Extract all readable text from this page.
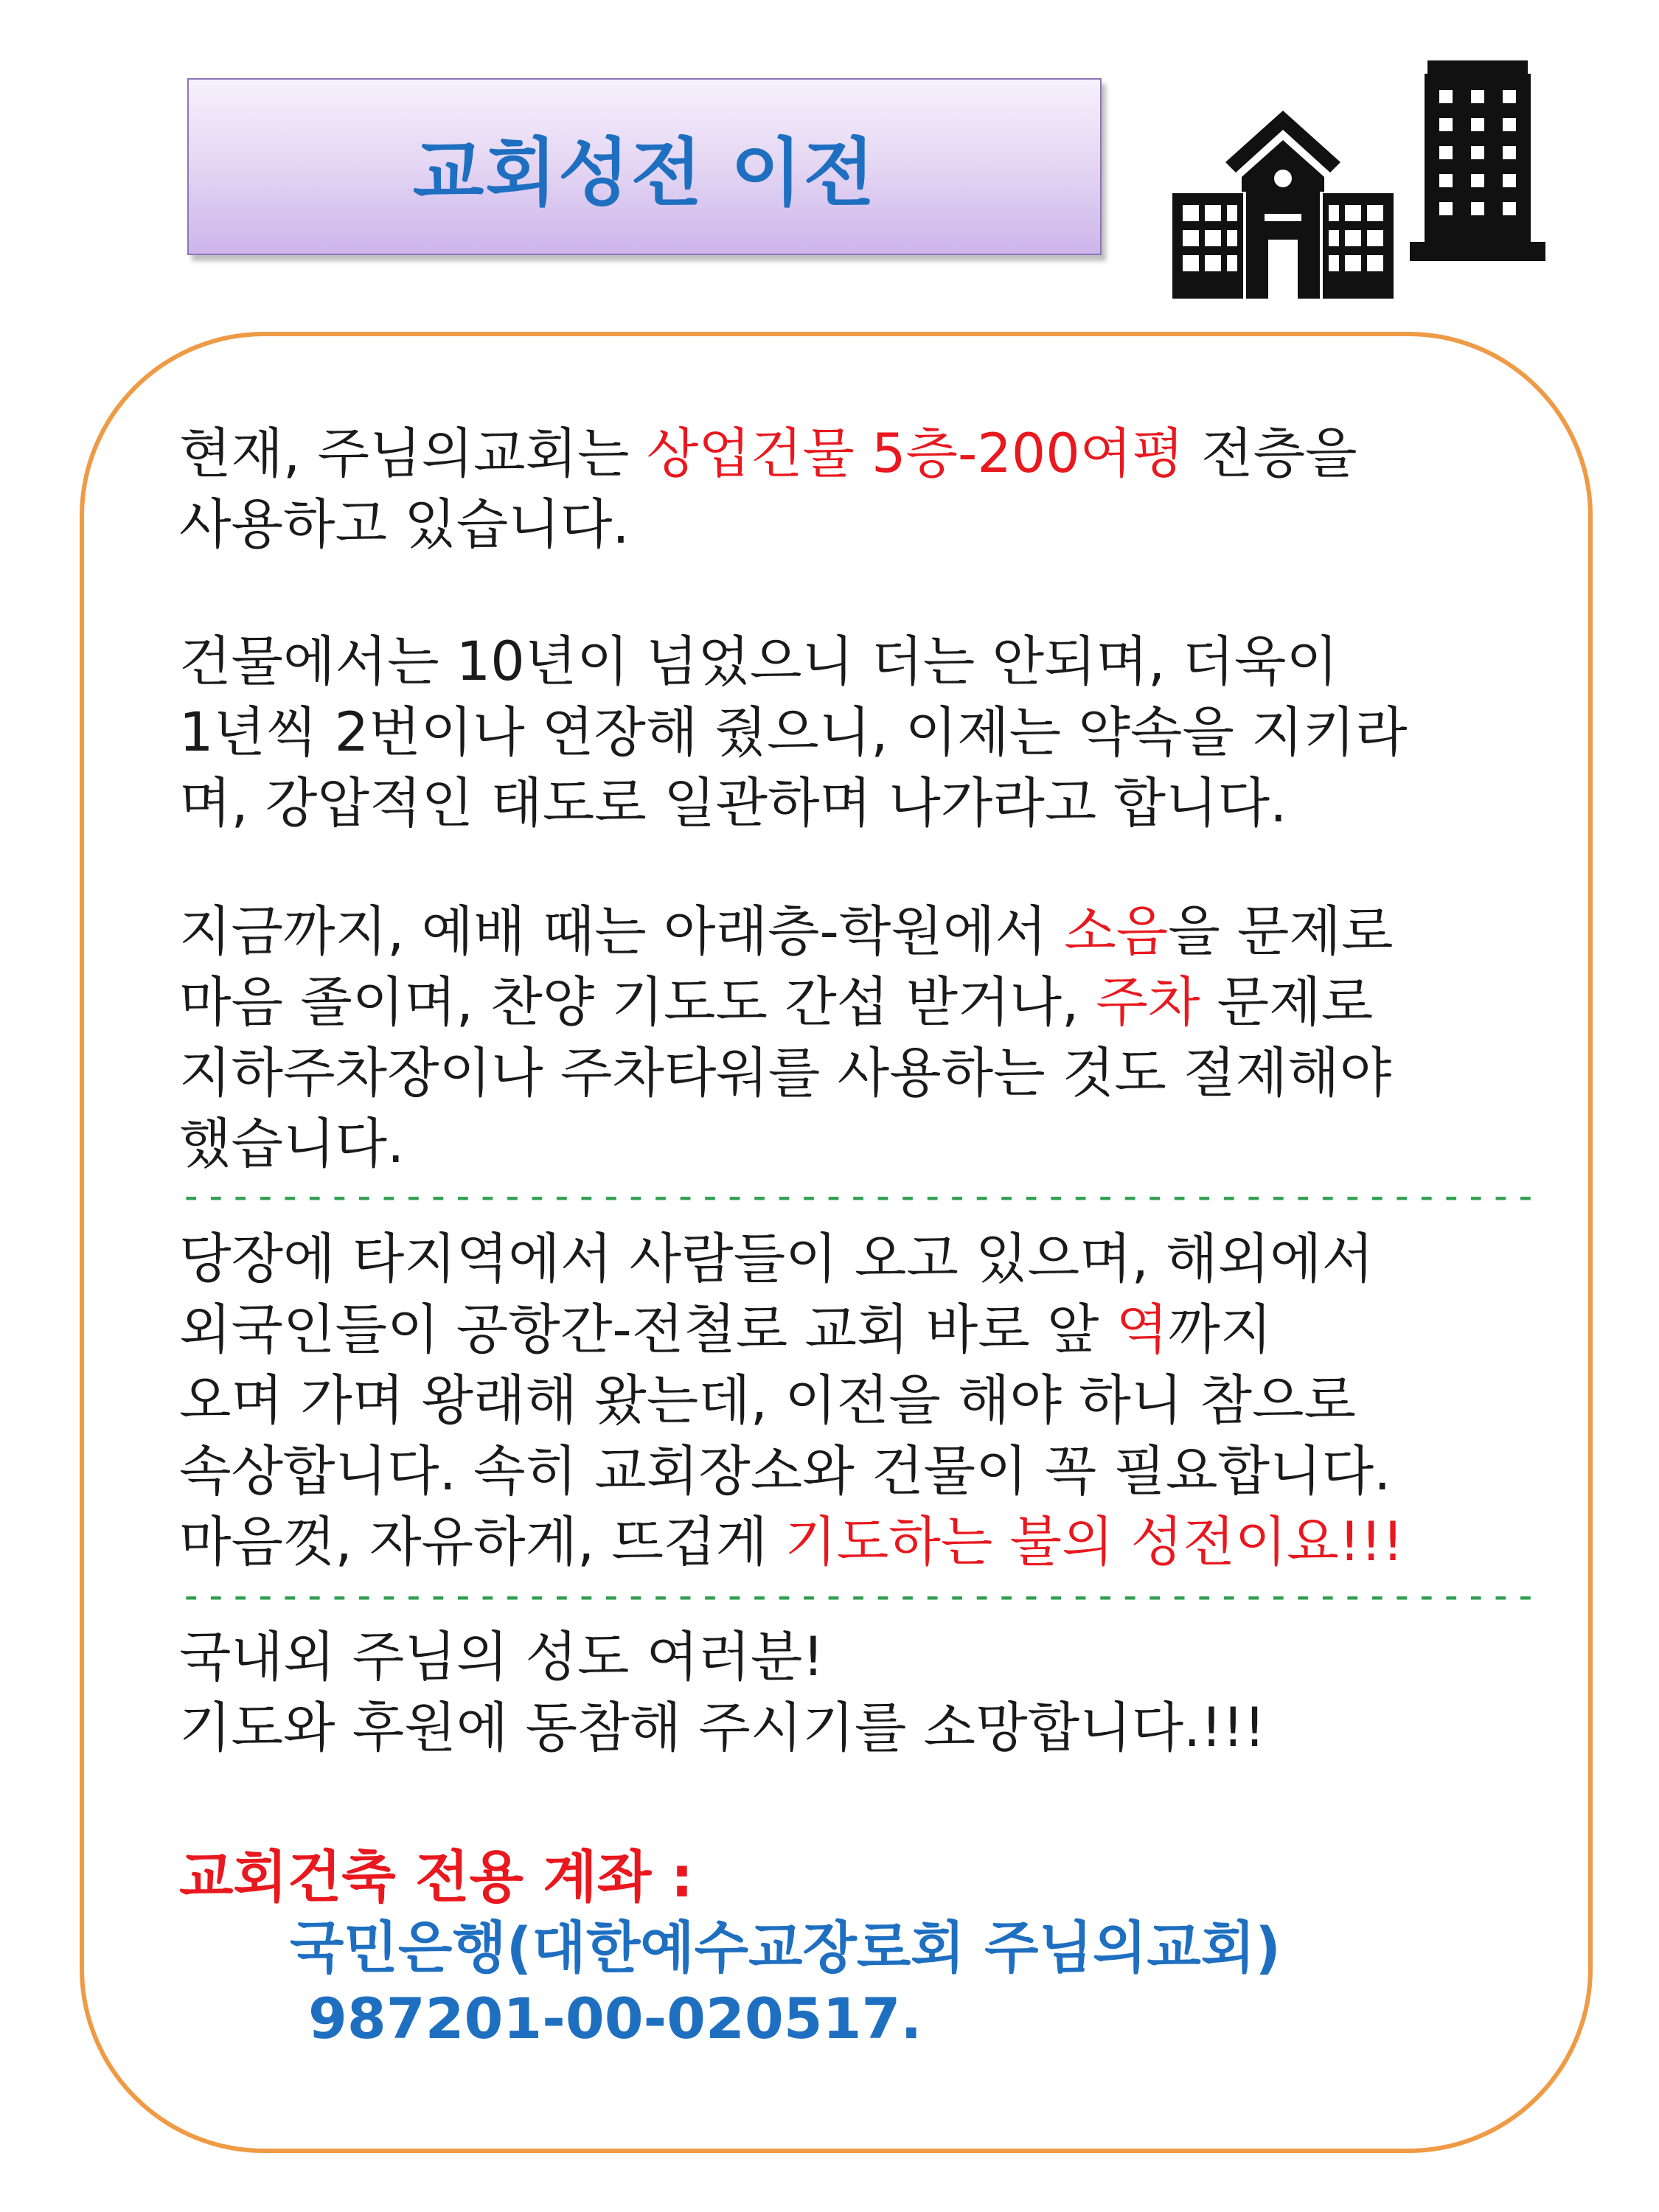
교회성전 이전
현재, 주님의교회는 상업건물 5층-200여평 전층을
사용하고 있습니다.
건물에서는 10년이 넘었으니 더는 안되며, 더욱이
1년씩 2번이나 연장해 줬으니, 이제는 약속을 지키라
며, 강압적인 태도로 일관하며 나가라고 합니다.
지금까지, 예배 때는 아래층-학원에서 소음을 문제로
마음 졸이며, 찬양 기도도 간섭 받거나, 주차 문제로
지하주차장이나 주차타워를 사용하는 것도 절제해야
했습니다.
-------------------------------------------------------
당장에 타지역에서 사람들이 오고 있으며, 해외에서
외국인들이 공항간-전철로 교회 바로 앞 역까지
오며 가며 왕래해 왔는데, 이전을 해야 하니 참으로
속상합니다. 속히 교회장소와 건물이 꼭 필요합니다.
마음껏, 자유하게, 뜨겁게 기도하는 불의 성전이요!!!
-------------------------------------------------------
국내외 주님의 성도 여러분!
기도와 후원에 동참해 주시기를 소망합니다.!!!
교회건축 전용 계좌 :
국민은행(대한예수교장로회 주님의교회)
987201-00-020517.
